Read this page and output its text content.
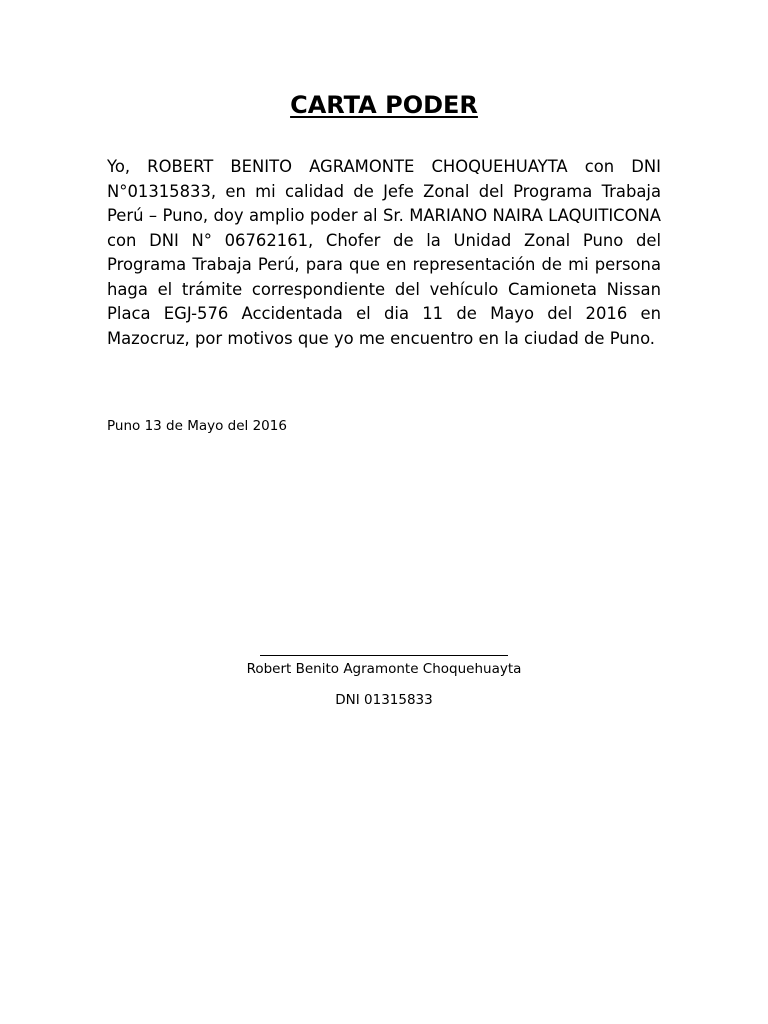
CARTA PODER

Yo, ROBERT BENITO AGRAMONTE CHOQUEHUAYTA con DNI N°01315833, en mi calidad de Jefe Zonal del Programa Trabaja Perú – Puno, doy amplio poder al Sr. MARIANO NAIRA LAQUITICONA con DNI N° 06762161, Chofer de la Unidad Zonal Puno del Programa Trabaja Perú, para que en representación de mi persona haga el trámite correspondiente del vehículo Camioneta Nissan Placa EGJ-576 Accidentada el dia 11 de Mayo del 2016 en Mazocruz, por motivos que yo me encuentro en la ciudad de Puno.

Puno 13 de Mayo del 2016
Robert Benito Agramonte Choquehuayta
DNI 01315833
